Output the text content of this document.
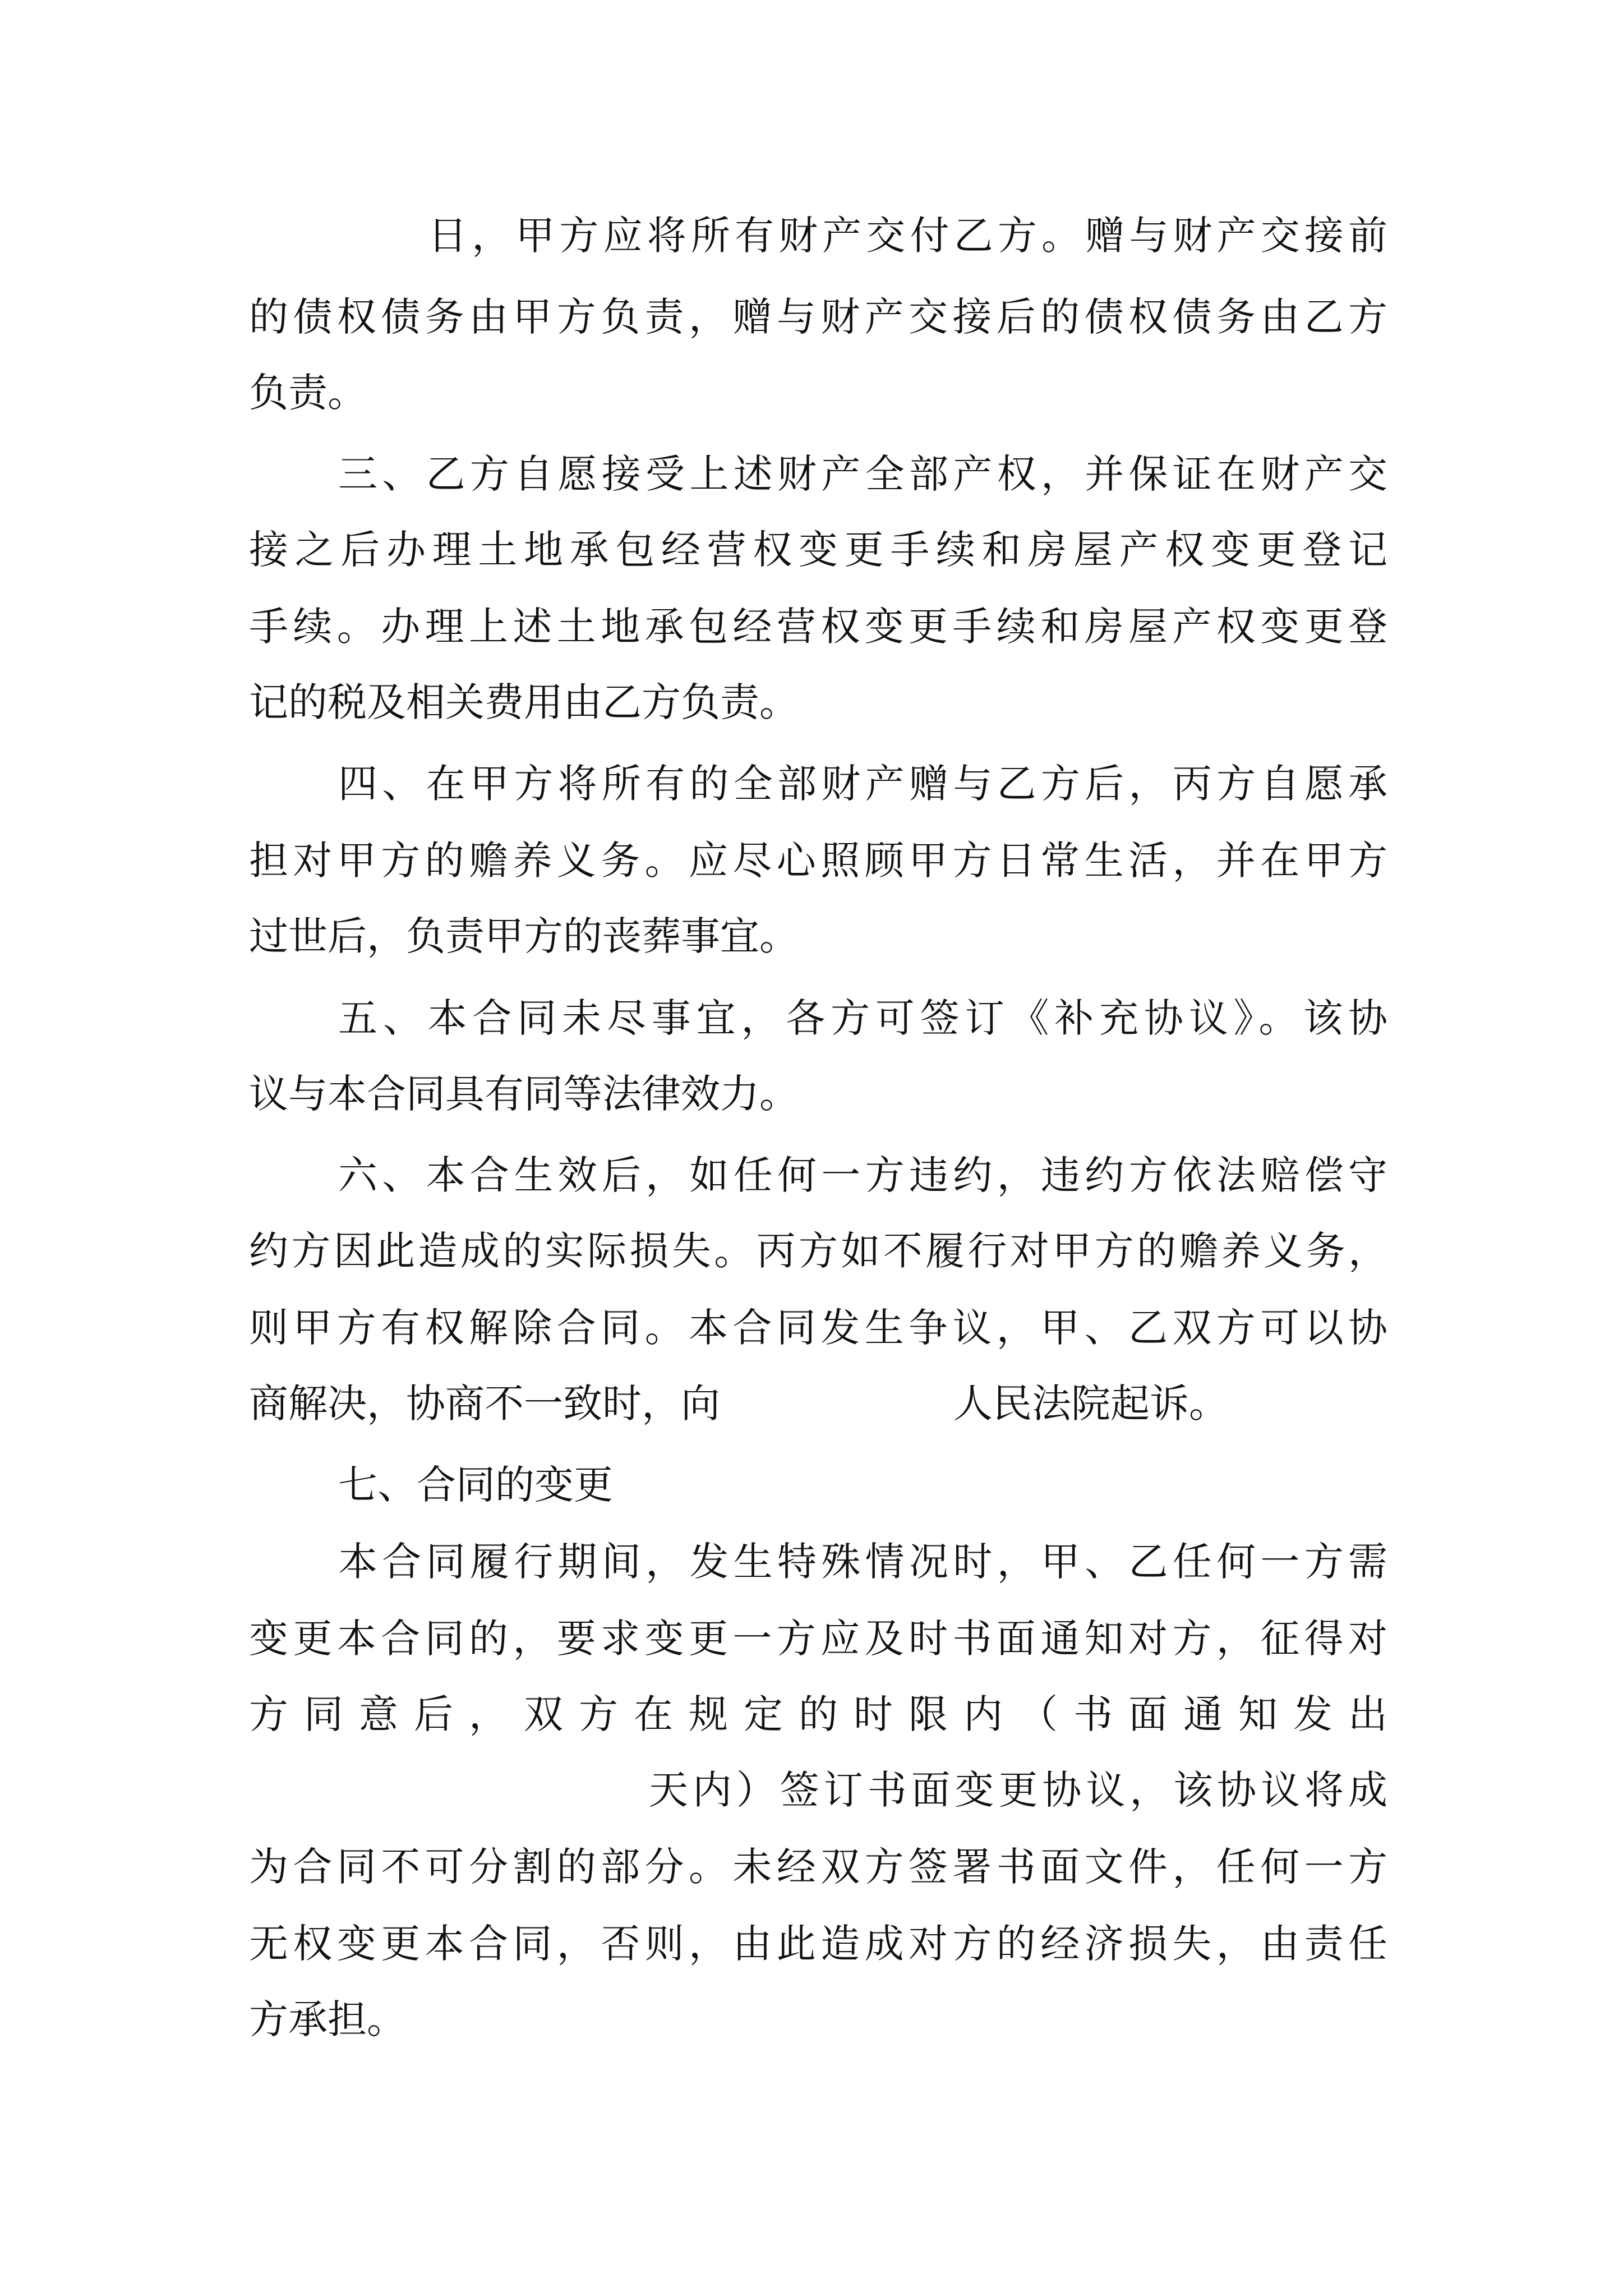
日，甲方应将所有财产交付乙方。赠与财产交接前
的债权债务由甲方负责，赠与财产交接后的债权债务由乙方
负责。
三、乙方自愿接受上述财产全部产权，并保证在财产交
接之后办理土地承包经营权变更手续和房屋产权变更登记
手续。办理上述土地承包经营权变更手续和房屋产权变更登
记的税及相关费用由乙方负责。
四、在甲方将所有的全部财产赠与乙方后，丙方自愿承
担对甲方的赡养义务。应尽心照顾甲方日常生活，并在甲方
过世后，负责甲方的丧葬事宜。
五、本合同未尽事宜，各方可签订《补充协议》。该协
议与本合同具有同等法律效力。
六、本合生效后，如任何一方违约，违约方依法赔偿守
约方因此造成的实际损失。丙方如不履行对甲方的赡养义务，
则甲方有权解除合同。本合同发生争议，甲、乙双方可以协
商解决，协商不一致时，向	人民法院起诉。
七、合同的变更
本合同履行期间，发生特殊情况时，甲、乙任何一方需
变更本合同的，要求变更一方应及时书面通知对方，征得对
方同意后，双方在规定的时限内（书面通知发出
天内）签订书面变更协议，该协议将成
为合同不可分割的部分。未经双方签署书面文件，任何一方
无权变更本合同，否则，由此造成对方的经济损失，由责任
方承担。
